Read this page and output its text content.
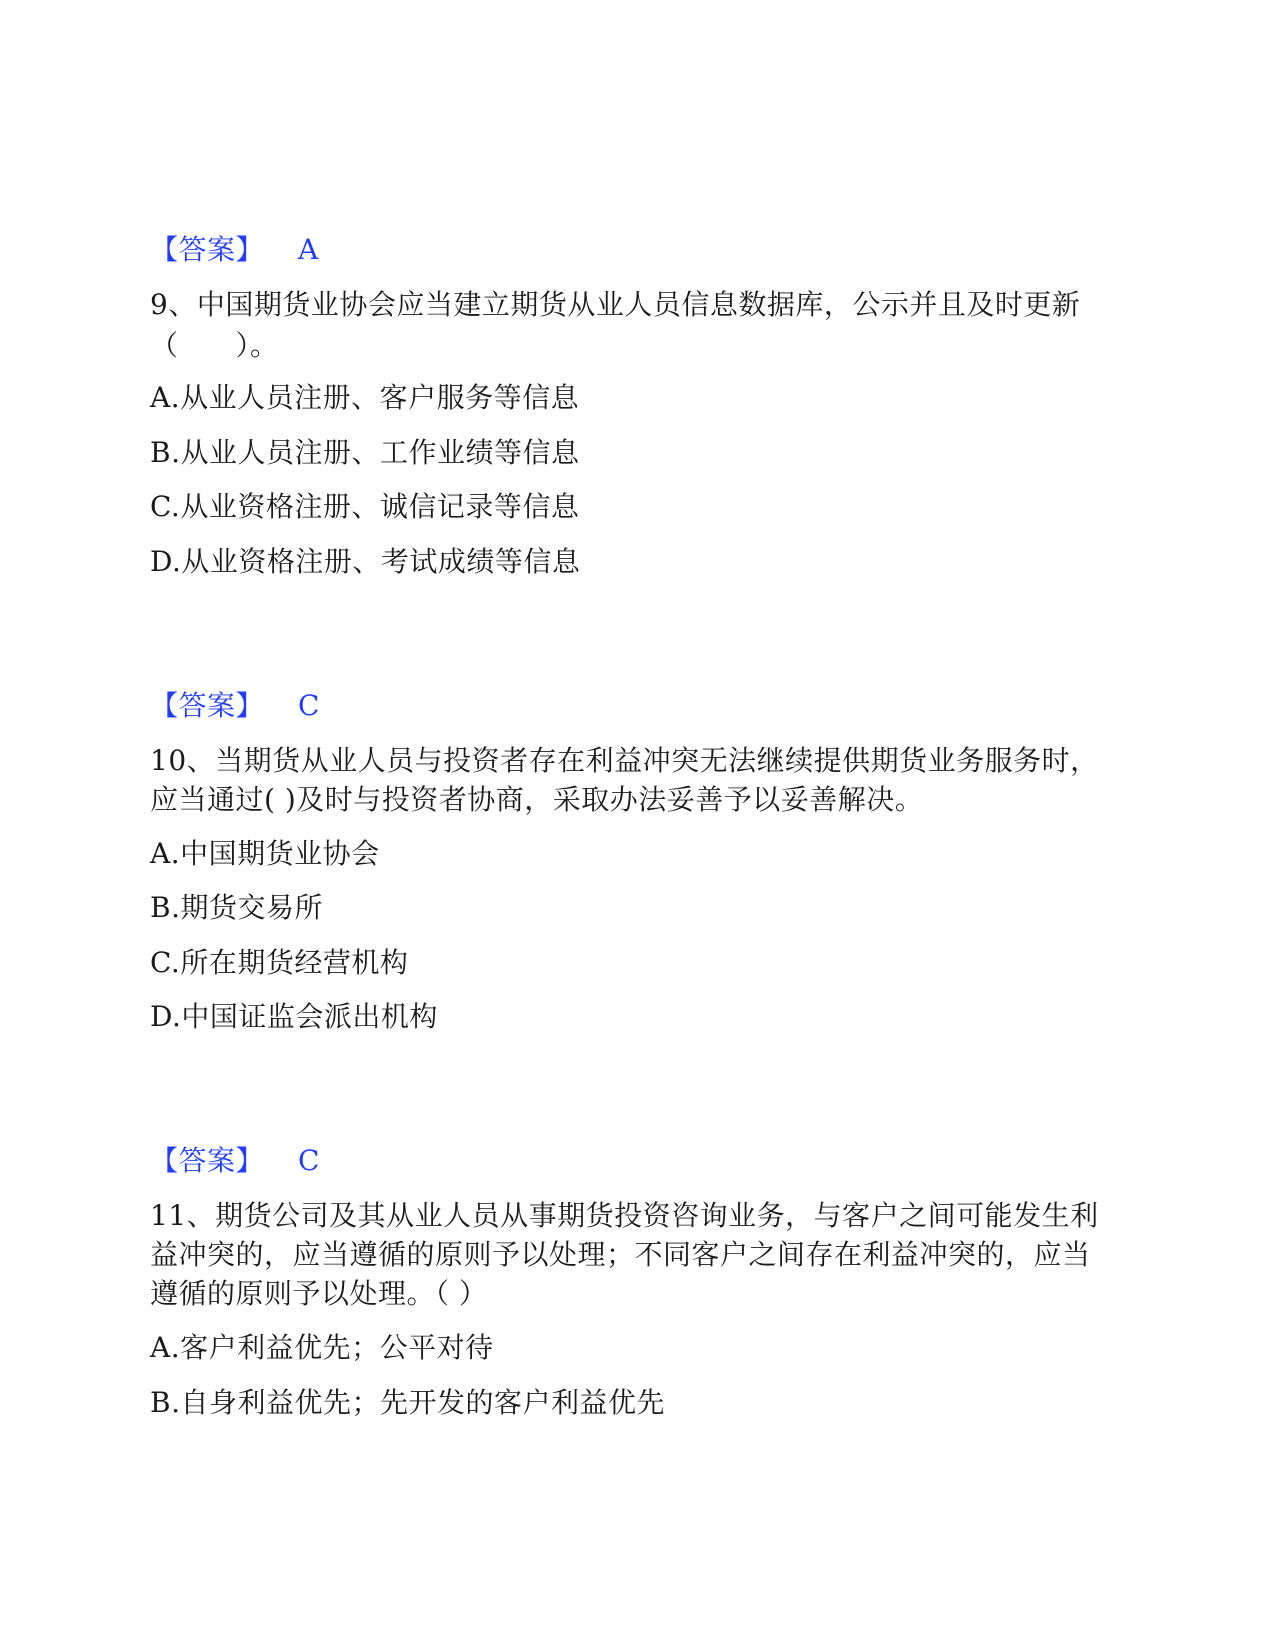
【答案】 A
9、中国期货业协会应当建立期货从业人员信息数据库，公示并且及时更新
（　　）。
A.从业人员注册、客户服务等信息
B.从业人员注册、工作业绩等信息
C.从业资格注册、诚信记录等信息
D.从业资格注册、考试成绩等信息
【答案】 C
10、当期货从业人员与投资者存在利益冲突无法继续提供期货业务服务时，
应当通过( )及时与投资者协商，采取办法妥善予以妥善解决。
A.中国期货业协会
B.期货交易所
C.所在期货经营机构
D.中国证监会派出机构
【答案】 C
11、期货公司及其从业人员从事期货投资咨询业务，与客户之间可能发生利
益冲突的，应当遵循的原则予以处理；不同客户之间存在利益冲突的，应当
遵循的原则予以处理。（ ）
A.客户利益优先；公平对待
B.自身利益优先；先开发的客户利益优先
